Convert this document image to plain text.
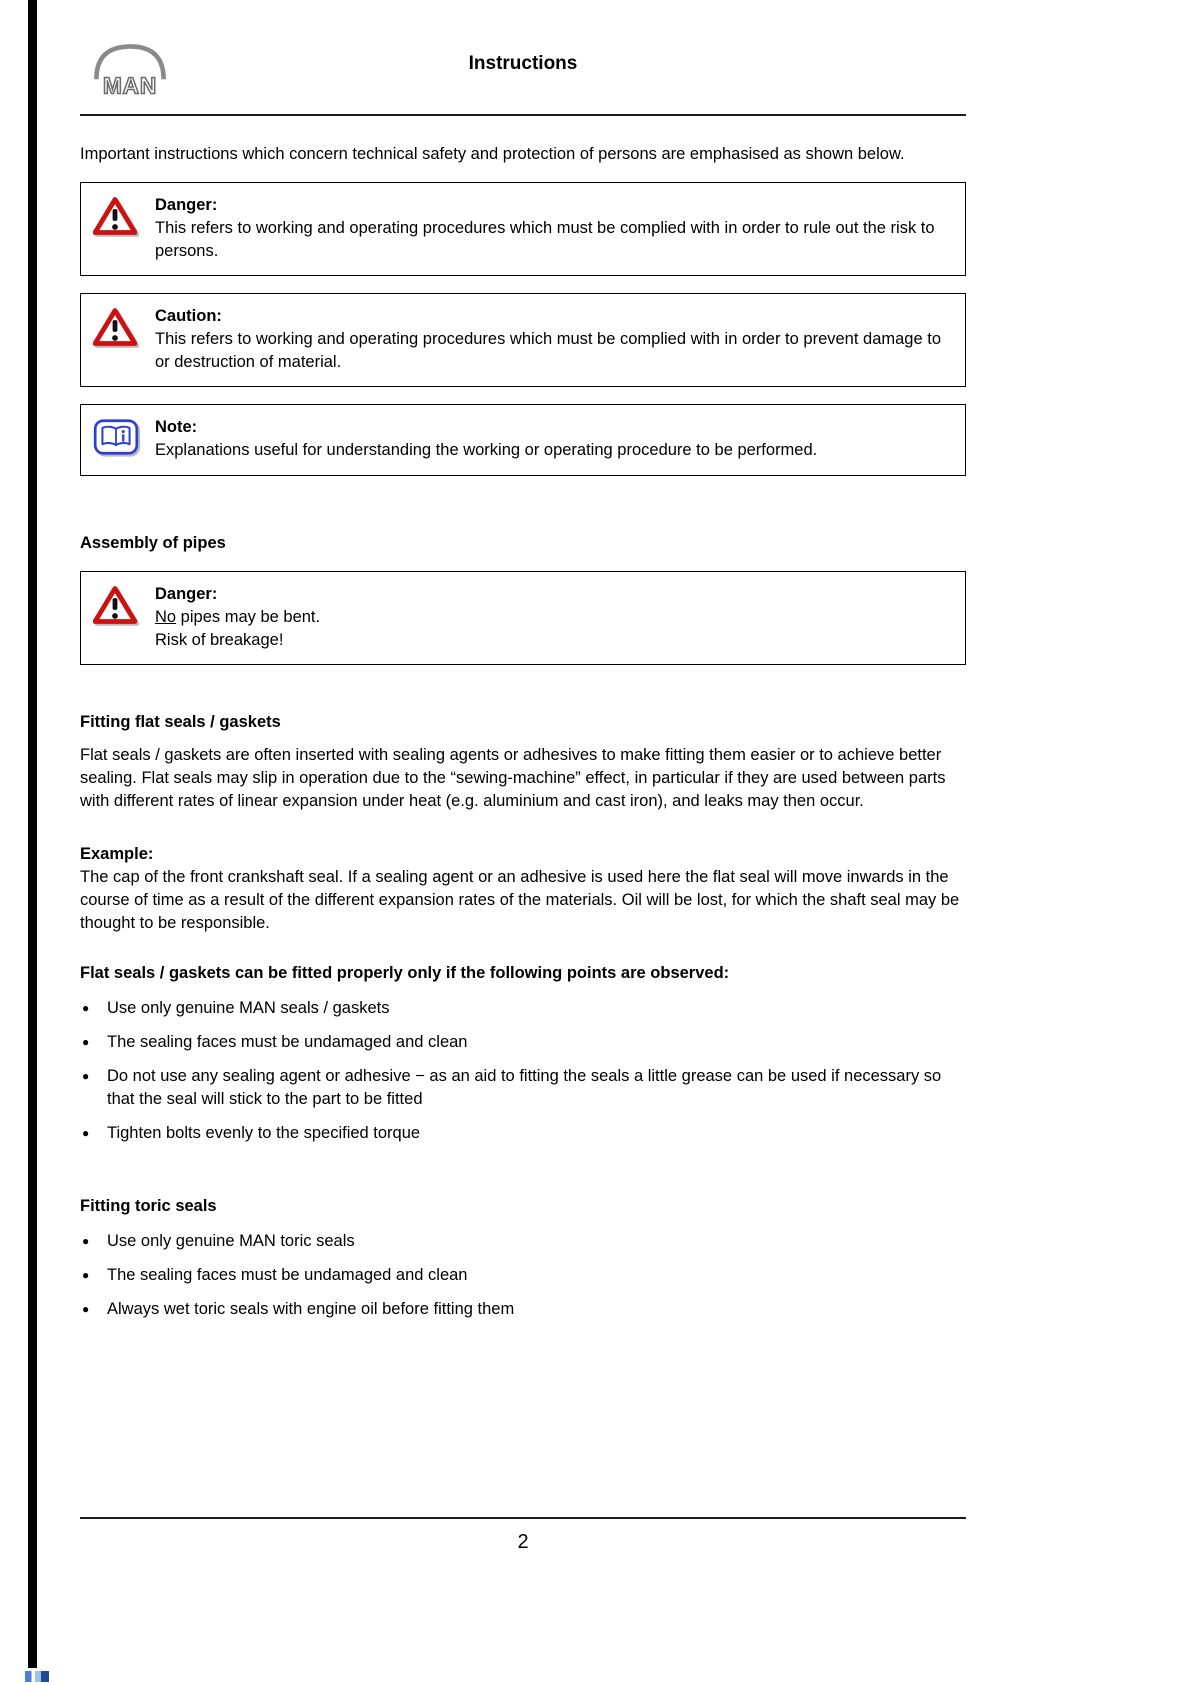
MAN
Instructions

Important instructions which concern technical safety and protection of persons are emphasised as shown below.

Danger:
This refers to working and operating procedures which must be complied with in order to rule out the risk to persons.
Caution:
This refers to working and operating procedures which must be complied with in order to prevent damage to or destruction of material.
Note:
Explanations useful for understanding the working or operating procedure to be performed.
Assembly of pipes
Danger:
No pipes may be bent.
Risk of breakage!
Fitting flat seals / gaskets

Flat seals / gaskets are often inserted with sealing agents or adhesives to make fitting them easier or to achieve better sealing. Flat seals may slip in operation due to the “sewing-machine” effect, in particular if they are used between parts with different rates of linear expansion under heat (e.g. aluminium and cast iron), and leaks may then occur.

Example:

The cap of the front crankshaft seal. If a sealing agent or an adhesive is used here the flat seal will move inwards in the course of time as a result of the different expansion rates of the materials. Oil will be lost, for which the shaft seal may be thought to be responsible.

Flat seals / gaskets can be fitted properly only if the following points are observed:

● Use only genuine MAN seals / gaskets
● The sealing faces must be undamaged and clean
● Do not use any sealing agent or adhesive − as an aid to fitting the seals a little grease can be used if necessary so that the seal will stick to the part to be fitted
● Tighten bolts evenly to the specified torque
Fitting toric seals
● Use only genuine MAN toric seals
● The sealing faces must be undamaged and clean
● Always wet toric seals with engine oil before fitting them
2
